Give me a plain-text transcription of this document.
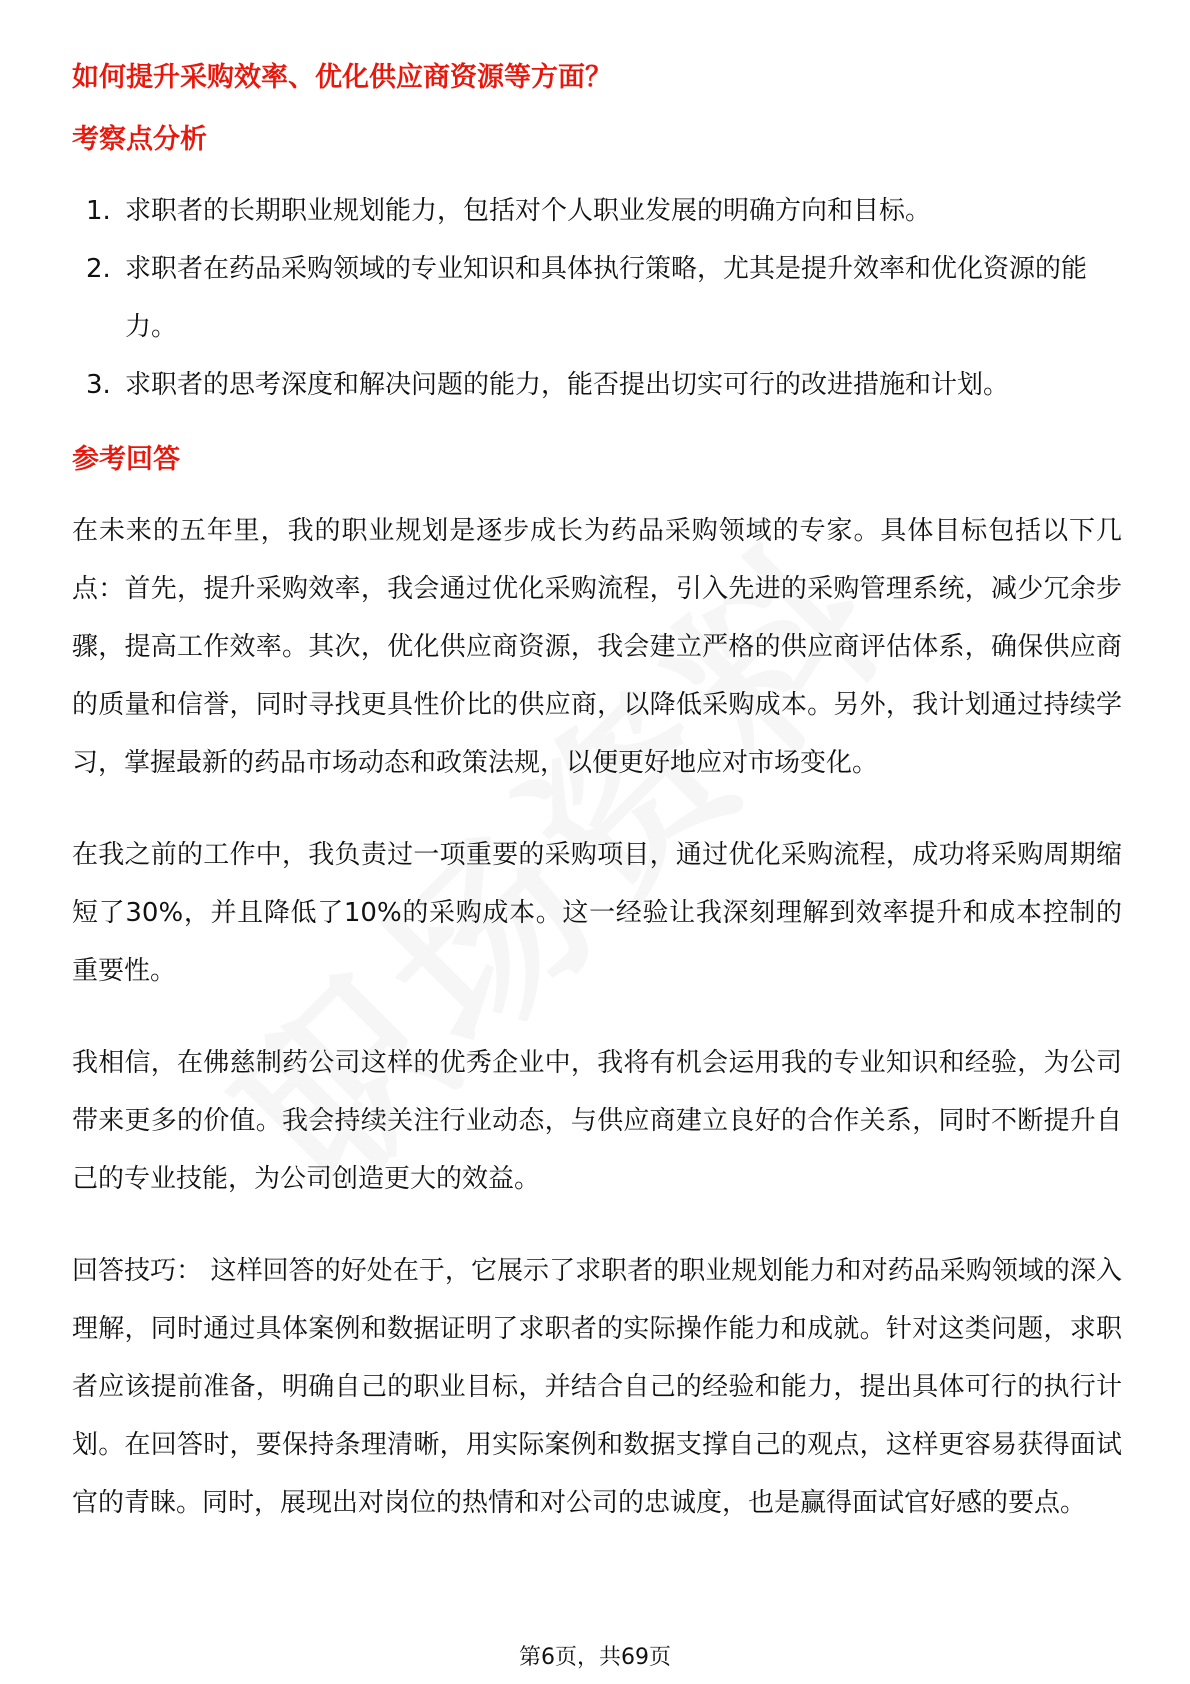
如何提升采购效率、优化供应商资源等方面？
考察点分析
1. 求职者的长期职业规划能力，包括对个人职业发展的明确方向和目标。
2. 求职者在药品采购领域的专业知识和具体执行策略，尤其是提升效率和优化资源的能力。
3. 求职者的思考深度和解决问题的能力，能否提出切实可行的改进措施和计划。
参考回答

在未来的五年里，我的职业规划是逐步成长为药品采购领域的专家。具体目标包括以下几点：首先，提升采购效率，我会通过优化采购流程，引入先进的采购管理系统，减少冗余步骤，提高工作效率。其次，优化供应商资源，我会建立严格的供应商评估体系，确保供应商的质量和信誉，同时寻找更具性价比的供应商，以降低采购成本。另外，我计划通过持续学习，掌握最新的药品市场动态和政策法规，以便更好地应对市场变化。

在我之前的工作中，我负责过一项重要的采购项目，通过优化采购流程，成功将采购周期缩短了30%，并且降低了10%的采购成本。这一经验让我深刻理解到效率提升和成本控制的重要性。

我相信，在佛慈制药公司这样的优秀企业中，我将有机会运用我的专业知识和经验，为公司带来更多的价值。我会持续关注行业动态，与供应商建立良好的合作关系，同时不断提升自己的专业技能，为公司创造更大的效益。

回答技巧： 这样回答的好处在于，它展示了求职者的职业规划能力和对药品采购领域的深入理解，同时通过具体案例和数据证明了求职者的实际操作能力和成就。针对这类问题，求职者应该提前准备，明确自己的职业目标，并结合自己的经验和能力，提出具体可行的执行计划。在回答时，要保持条理清晰，用实际案例和数据支撑自己的观点，这样更容易获得面试官的青睐。同时，展现出对岗位的热情和对公司的忠诚度，也是赢得面试官好感的要点。

第6页，共69页
